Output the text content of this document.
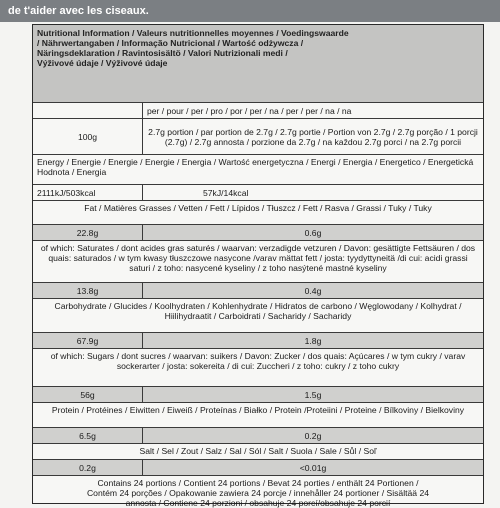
de t'aider avec les ciseaux.
Nutritional Information / Valeurs nutritionnelles moyennes / Voedingswaarde
/ Nährwertangaben / Informação Nutricional / Wartość odżywcza /
Näringsdeklaration / Ravintosisältö / Valori Nutrizionali medi /
Výživové údaje / Výživové údaje
per / pour / per / pro / por / per / na / per / per / na / na
100g	2.7g portion / par portion de 2.7g / 2.7g portie / Portion von 2.7g / 2.7g porção / 1 porcji (2.7g) / 2.7g annosta / porzione da 2.7g / na každou 2.7g porci / na 2.7g porcii
Energy / Energie / Energie / Energie / Energia / Wartość energetyczna / Energi / Energia / Energetico / Energetická Hodnota / Energia
2111kJ/503kcal	57kJ/14kcal
Fat / Matières Grasses / Vetten / Fett / Lípidos / Tłuszcz / Fett / Rasva / Grassi / Tuky / Tuky
22.8g	0.6g
of which: Saturates / dont acides gras saturés / waarvan: verzadigde vetzuren / Davon: gesättigte Fettsäuren / dos quais: saturados / w tym kwasy tłuszczowe nasycone /varav mättat fett / josta: tyydyttyneitä /di cui: acidi grassi saturi / z toho: nasycené kyseliny / z toho nasýtené mastné kyseliny
13.8g	0.4g
Carbohydrate / Glucides / Koolhydraten / Kohlenhydrate / Hidratos de carbono / Węglowodany / Kolhydrat / Hiilihydraatit / Carboidrati / Sacharidy / Sacharidy
67.9g	1.8g
of which: Sugars / dont sucres / waarvan: suikers / Davon: Zucker / dos quais: Açúcares / w tym cukry / varav sockerarter / josta: sokereita / di cui: Zuccheri / z toho: cukry / z toho cukry
56g	1.5g
Protein / Protéines / Eiwitten / Eiweiß / Proteínas / Białko / Protein /Proteiini / Proteine / Bílkoviny / Bielkoviny
6.5g	0.2g
Salt / Sel / Zout / Salz / Sal / Sól / Salt / Suola / Sale / Sůl / Soľ
0.2g	<0.01g
Contains 24 portions / Contient 24 portions / Bevat 24 porties / enthält 24 Portionen /
Contém 24 porções / Opakowanie zawiera 24 porcje / innehåller 24 portioner / Sisältää 24
annosta / Contiene 24 porzioni / obsahuje 24 porcí/obsahuje 24 porcií
